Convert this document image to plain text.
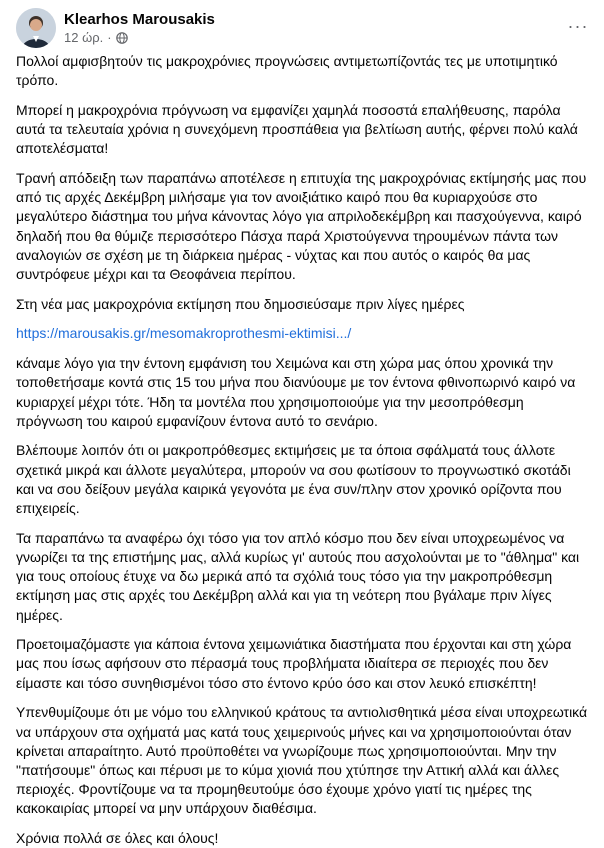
Klearhos Marousakis
12 ώρ. ·
···

Πολλοί αμφισβητούν τις μακροχρόνιες προγνώσεις αντιμετωπίζοντάς τες με υποτιμητικό τρόπο.

Μπορεί η μακροχρόνια πρόγνωση να εμφανίζει χαμηλά ποσοστά επαλήθευσης, παρόλα αυτά τα τελευταία χρόνια η συνεχόμενη προσπάθεια για βελτίωση αυτής, φέρνει πολύ καλά αποτελέσματα!

Τρανή απόδειξη των παραπάνω αποτέλεσε η επιτυχία της μακροχρόνιας εκτίμησής μας που από τις αρχές Δεκέμβρη μιλήσαμε για τον ανοιξιάτικο καιρό που θα κυριαρχούσε στο μεγαλύτερο διάστημα του μήνα κάνοντας λόγο για απριλοδεκέμβρη και πασχούγεννα, καιρό δηλαδή που θα θύμιζε περισσότερο Πάσχα παρά Χριστούγεννα τηρουμένων πάντα των αναλογιών σε σχέση με τη διάρκεια ημέρας - νύχτας και που αυτός ο καιρός θα μας συντρόφευε μέχρι και τα Θεοφάνεια περίπου.

Στη νέα μας μακροχρόνια εκτίμηση που δημοσιεύσαμε πριν λίγες ημέρες

https://marousakis.gr/mesomakroprothesmi-ektimisi.../

κάναμε λόγο για την έντονη εμφάνιση του Χειμώνα και στη χώρα μας όπου χρονικά την τοποθετήσαμε κοντά στις 15 του μήνα που διανύουμε με τον έντονα φθινοπωρινό καιρό να κυριαρχεί μέχρι τότε. Ήδη τα μοντέλα που χρησιμοποιούμε για την μεσοπρόθεσμη πρόγνωση του καιρού εμφανίζουν έντονα αυτό το σενάριο.

Βλέπουμε λοιπόν ότι οι μακροπρόθεσμες εκτιμήσεις με τα όποια σφάλματά τους άλλοτε σχετικά μικρά και άλλοτε μεγαλύτερα, μπορούν να σου φωτίσουν το προγνωστικό σκοτάδι και να σου δείξουν μεγάλα καιρικά γεγονότα με ένα συν/πλην στον χρονικό ορίζοντα που επιχειρείς.

Τα παραπάνω τα αναφέρω όχι τόσο για τον απλό κόσμο που δεν είναι υποχρεωμένος να γνωρίζει τα της επιστήμης μας, αλλά κυρίως γι' αυτούς που ασχολούνται με το "άθλημα" και για τους οποίους έτυχε να δω μερικά από τα σχόλιά τους τόσο για την μακροπρόθεσμη εκτίμηση μας στις αρχές του Δεκέμβρη αλλά και για τη νεότερη που βγάλαμε πριν λίγες ημέρες.

Προετοιμαζόμαστε για κάποια έντονα χειμωνιάτικα διαστήματα που έρχονται και στη χώρα μας που ίσως αφήσουν στο πέρασμά τους προβλήματα ιδιαίτερα σε περιοχές που δεν είμαστε και τόσο συνηθισμένοι τόσο στο έντονο κρύο όσο και στον λευκό επισκέπτη!

Υπενθυμίζουμε ότι με νόμο του ελληνικού κράτους τα αντιολισθητικά μέσα είναι υποχρεωτικά να υπάρχουν στα οχήματά μας κατά τους χειμερινούς μήνες και να χρησιμοποιούνται όταν κρίνεται απαραίτητο. Αυτό προϋποθέτει να γνωρίζουμε πως χρησιμοποιούνται. Μην την "πατήσουμε" όπως και πέρυσι με το κύμα χιονιά που χτύπησε την Αττική αλλά και άλλες περιοχές. Φροντίζουμε να τα προμηθευτούμε όσο έχουμε χρόνο γιατί τις ημέρες της κακοκαιρίας μπορεί να μην υπάρχουν διαθέσιμα.

Χρόνια πολλά σε όλες και όλους!
